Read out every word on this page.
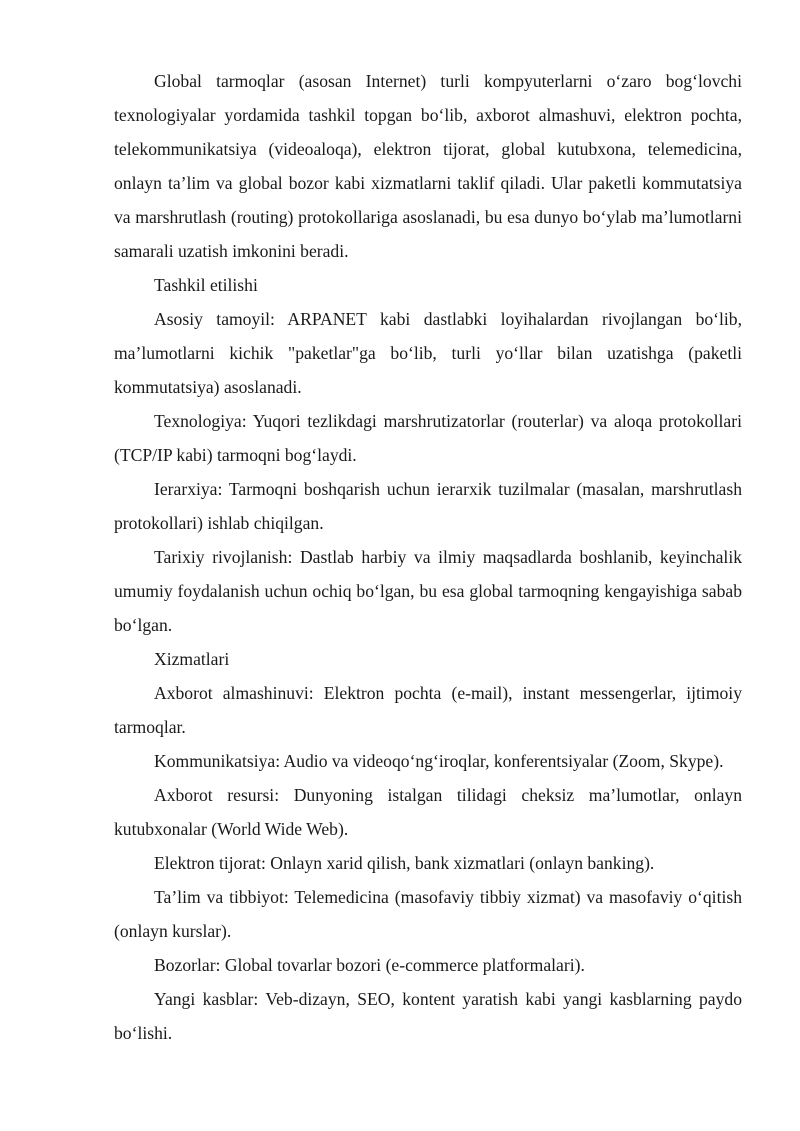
Global tarmoqlar (asosan Internet) turli kompyuterlarni o‘zaro bog‘lovchi texnologiyalar yordamida tashkil topgan bo‘lib, axborot almashuvi, elektron pochta, telekommunikatsiya (videoaloqa), elektron tijorat, global kutubxona, telemedicina, onlayn ta’lim va global bozor kabi xizmatlarni taklif qiladi. Ular paketli kommutatsiya va marshrutlash (routing) protokollariga asoslanadi, bu esa dunyo bo‘ylab ma’lumotlarni samarali uzatish imkonini beradi.

Tashkil etilishi

Asosiy tamoyil: ARPANET kabi dastlabki loyihalardan rivojlangan bo‘lib, ma’lumotlarni kichik "paketlar"ga bo‘lib, turli yo‘llar bilan uzatishga (paketli kommutatsiya) asoslanadi.

Texnologiya: Yuqori tezlikdagi marshrutizatorlar (routerlar) va aloqa protokollari (TCP/IP kabi) tarmoqni bog‘laydi.

Ierarxiya: Tarmoqni boshqarish uchun ierarxik tuzilmalar (masalan, marshrutlash protokollari) ishlab chiqilgan.

Tarixiy rivojlanish: Dastlab harbiy va ilmiy maqsadlarda boshlanib, keyinchalik umumiy foydalanish uchun ochiq bo‘lgan, bu esa global tarmoqning kengayishiga sabab bo‘lgan.

Xizmatlari

Axborot almashinuvi: Elektron pochta (e-mail), instant messengerlar, ijtimoiy tarmoqlar.

Kommunikatsiya: Audio va videoqo‘ng‘iroqlar, konferentsiyalar (Zoom, Skype).

Axborot resursi: Dunyoning istalgan tilidagi cheksiz ma’lumotlar, onlayn kutubxonalar (World Wide Web).

Elektron tijorat: Onlayn xarid qilish, bank xizmatlari (onlayn banking).

Ta’lim va tibbiyot: Telemedicina (masofaviy tibbiy xizmat) va masofaviy o‘qitish (onlayn kurslar).

Bozorlar: Global tovarlar bozori (e-commerce platformalari).

Yangi kasblar: Veb-dizayn, SEO, kontent yaratish kabi yangi kasblarning paydo bo‘lishi.
